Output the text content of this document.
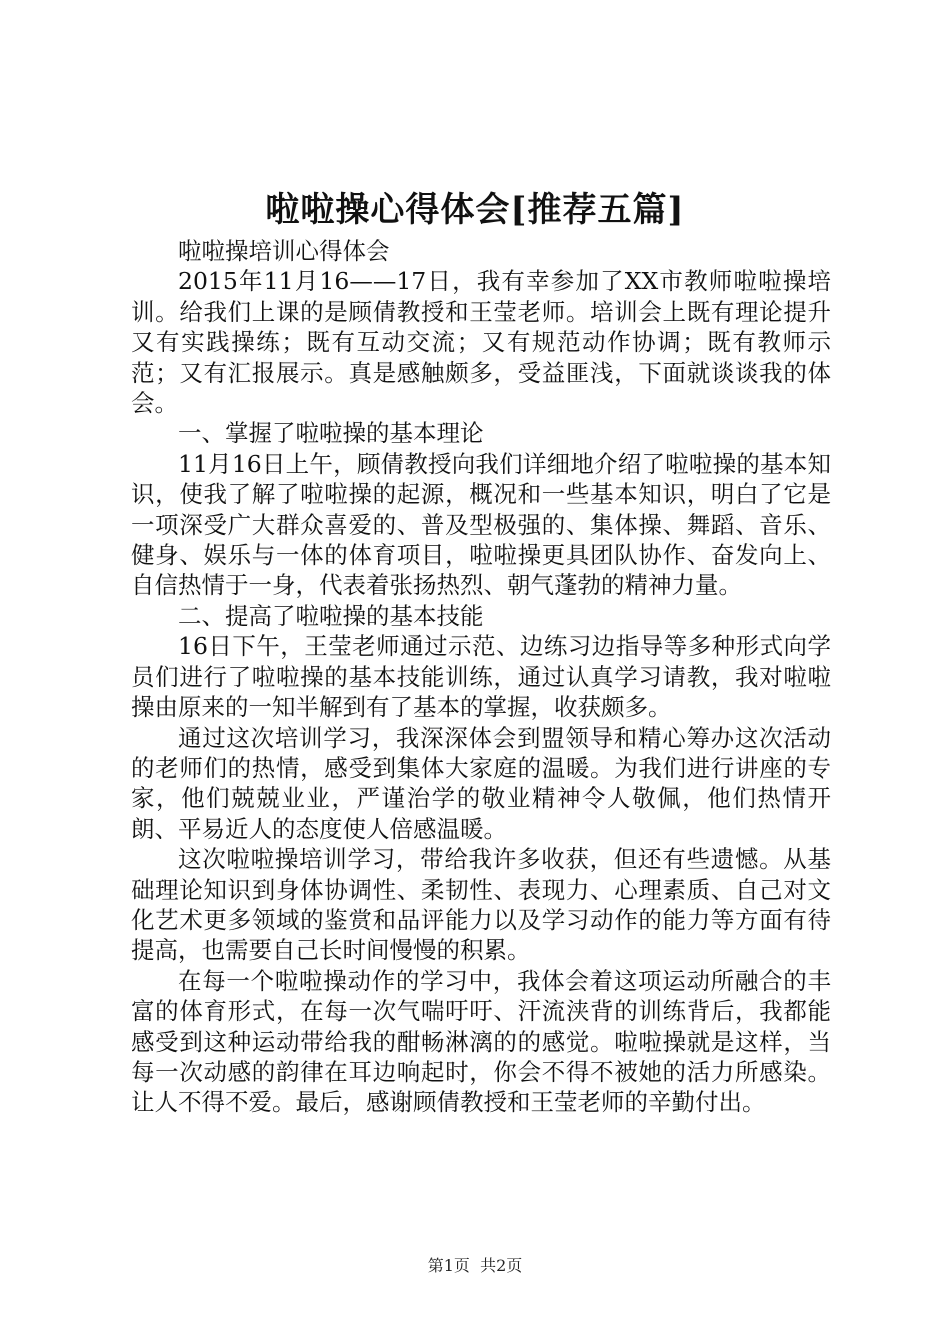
啦啦操心得体会[推荐五篇]

啦啦操培训心得体会

2015年11月16——17日，我有幸参加了XX市教师啦啦操培训。给我们上课的是顾倩教授和王莹老师。培训会上既有理论提升又有实践操练；既有互动交流；又有规范动作协调；既有教师示范；又有汇报展示。真是感触颇多，受益匪浅，下面就谈谈我的体会。

一、掌握了啦啦操的基本理论

11月16日上午，顾倩教授向我们详细地介绍了啦啦操的基本知识，使我了解了啦啦操的起源，概况和一些基本知识，明白了它是一项深受广大群众喜爱的、普及型极强的、集体操、舞蹈、音乐、健身、娱乐与一体的体育项目，啦啦操更具团队协作、奋发向上、自信热情于一身，代表着张扬热烈、朝气蓬勃的精神力量。

二、提高了啦啦操的基本技能

16日下午，王莹老师通过示范、边练习边指导等多种形式向学员们进行了啦啦操的基本技能训练，通过认真学习请教，我对啦啦操由原来的一知半解到有了基本的掌握，收获颇多。

通过这次培训学习，我深深体会到盟领导和精心筹办这次活动的老师们的热情，感受到集体大家庭的温暖。为我们进行讲座的专家，他们兢兢业业，严谨治学的敬业精神令人敬佩，他们热情开朗、平易近人的态度使人倍感温暖。

这次啦啦操培训学习，带给我许多收获，但还有些遗憾。从基础理论知识到身体协调性、柔韧性、表现力、心理素质、自己对文化艺术更多领域的鉴赏和品评能力以及学习动作的能力等方面有待提高，也需要自己长时间慢慢的积累。

在每一个啦啦操动作的学习中，我体会着这项运动所融合的丰富的体育形式，在每一次气喘吁吁、汗流浃背的训练背后，我都能感受到这种运动带给我的酣畅淋漓的的感觉。啦啦操就是这样，当每一次动感的韵律在耳边响起时，你会不得不被她的活力所感染。让人不得不爱。最后，感谢顾倩教授和王莹老师的辛勤付出。

第1页 共2页
